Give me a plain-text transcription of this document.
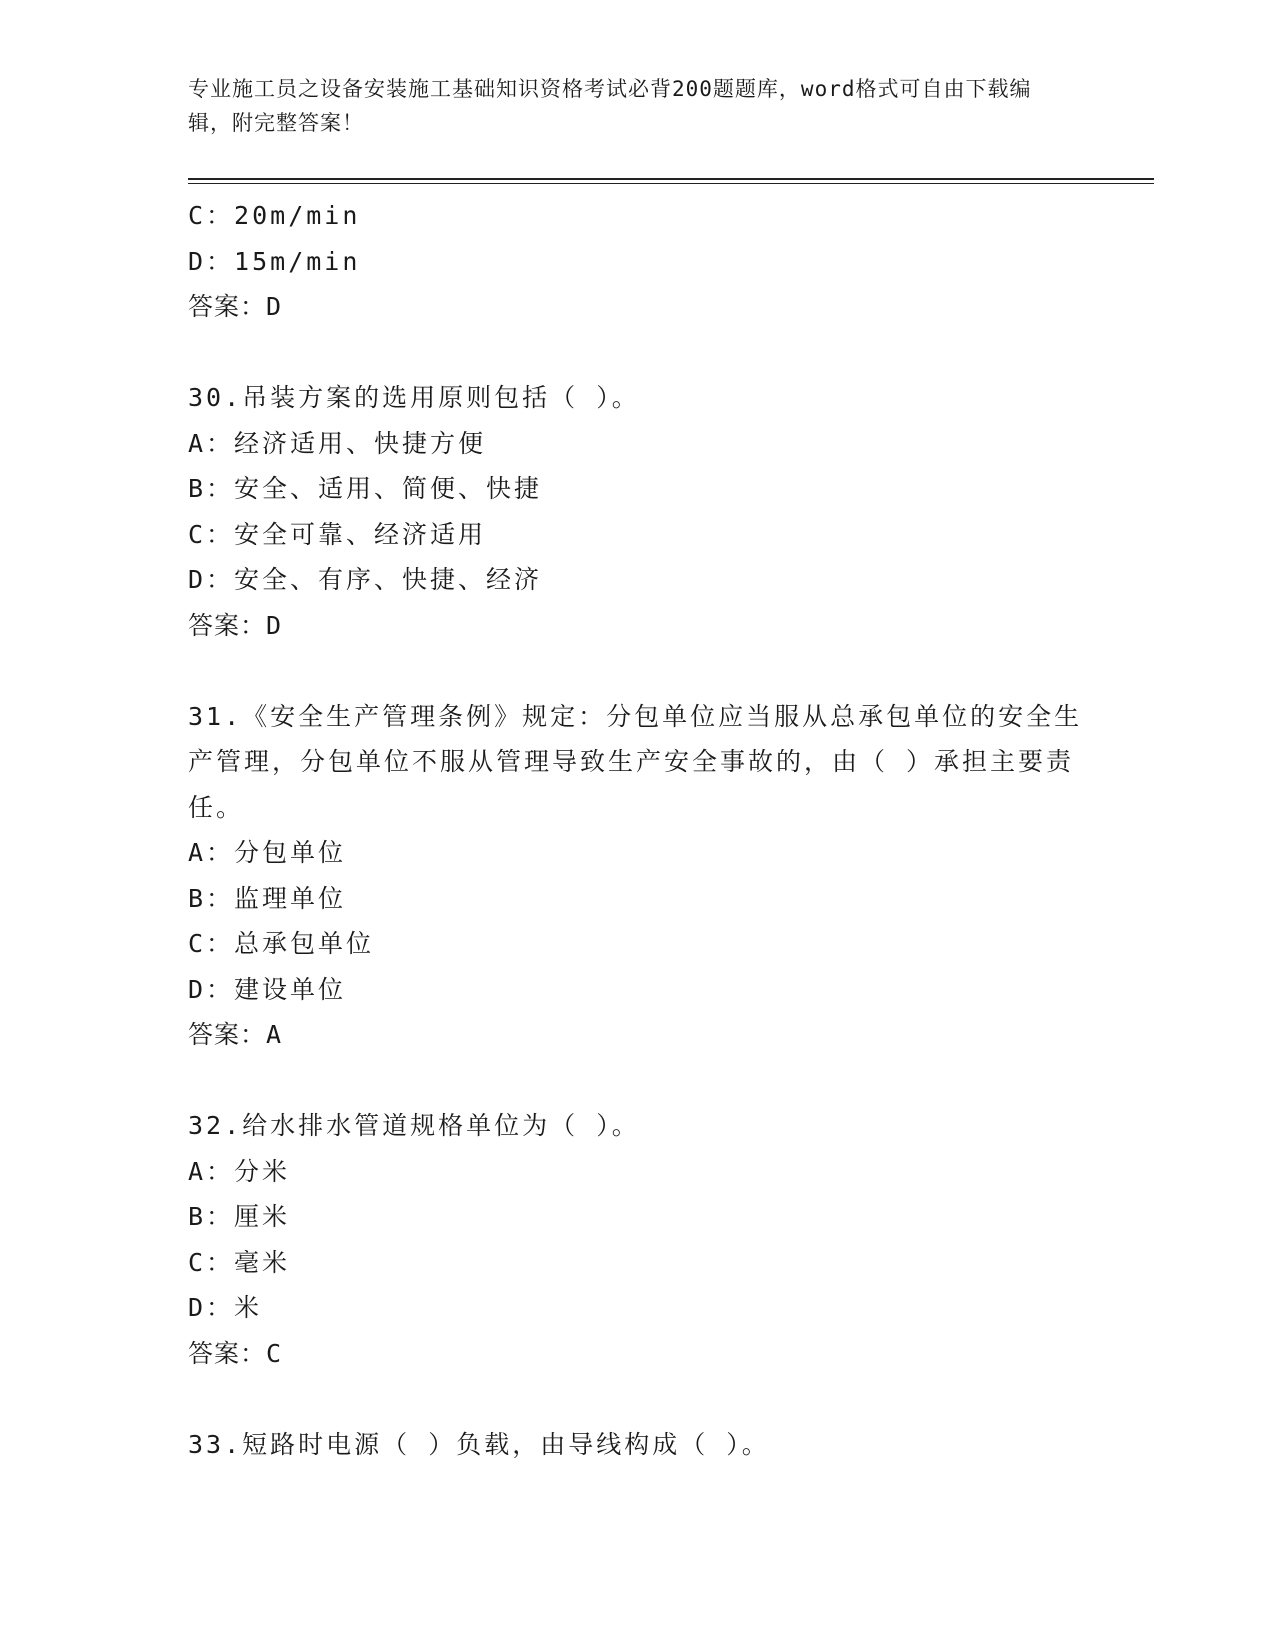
专业施工员之设备安装施工基础知识资格考试必背200题题库，word格式可自由下载编辑，附完整答案！
C：20m/min
D：15m/min
答案：D
30.吊装方案的选用原则包括（ ）。
A：经济适用、快捷方便
B：安全、适用、简便、快捷
C：安全可靠、经济适用
D：安全、有序、快捷、经济
答案：D
31.《安全生产管理条例》规定：分包单位应当服从总承包单位的安全生产管理，分包单位不服从管理导致生产安全事故的，由（ ）承担主要责任。
A：分包单位
B：监理单位
C：总承包单位
D：建设单位
答案：A
32.给水排水管道规格单位为（ ）。
A：分米
B：厘米
C：毫米
D：米
答案：C
33.短路时电源（ ）负载，由导线构成（ ）。
